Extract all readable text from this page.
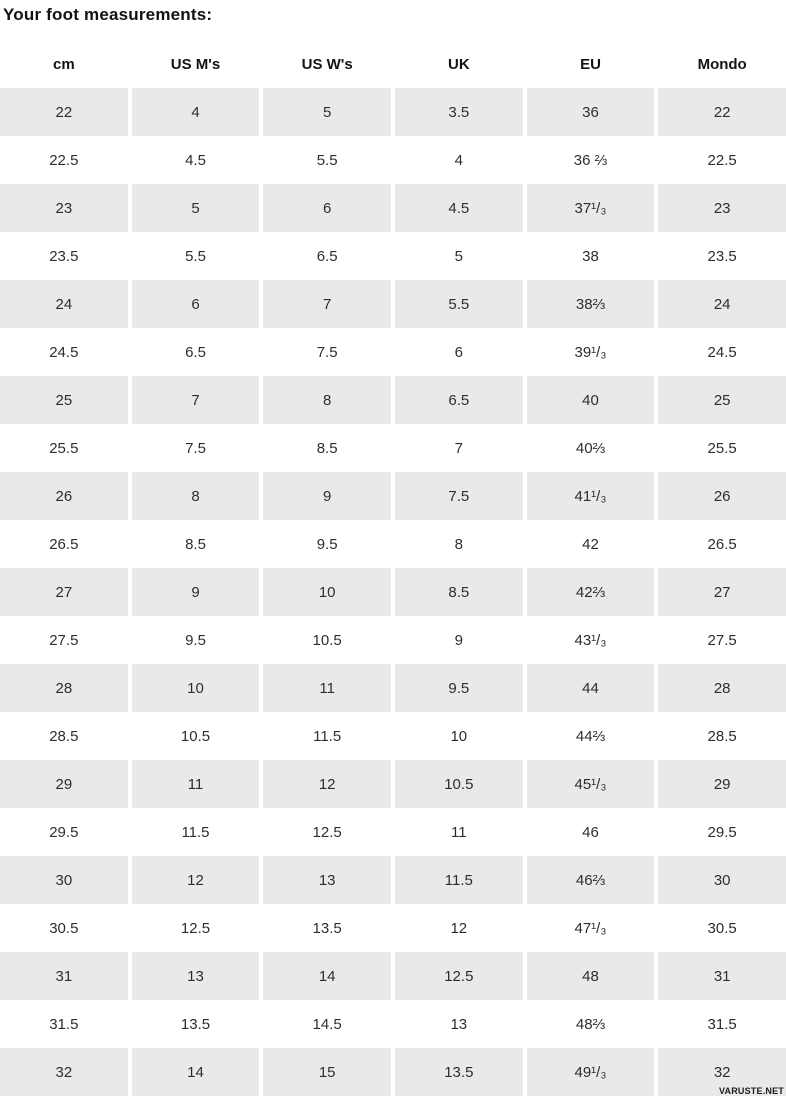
Your foot measurements:
cm	US M's	US W's	UK	EU	Mondo
22	4	5	3.5	36	22
22.5	4.5	5.5	4	36 ⅔	22.5
23	5	6	4.5	37¹/₃	23
23.5	5.5	6.5	5	38	23.5
24	6	7	5.5	38⅔	24
24.5	6.5	7.5	6	39¹/₃	24.5
25	7	8	6.5	40	25
25.5	7.5	8.5	7	40⅔	25.5
26	8	9	7.5	41¹/₃	26
26.5	8.5	9.5	8	42	26.5
27	9	10	8.5	42⅔	27
27.5	9.5	10.5	9	43¹/₃	27.5
28	10	11	9.5	44	28
28.5	10.5	11.5	10	44⅔	28.5
29	11	12	10.5	45¹/₃	29
29.5	11.5	12.5	11	46	29.5
30	12	13	11.5	46⅔	30
30.5	12.5	13.5	12	47¹/₃	30.5
31	13	14	12.5	48	31
31.5	13.5	14.5	13	48⅔	31.5
32	14	15	13.5	49¹/₃	32
VARUSTE.NET
